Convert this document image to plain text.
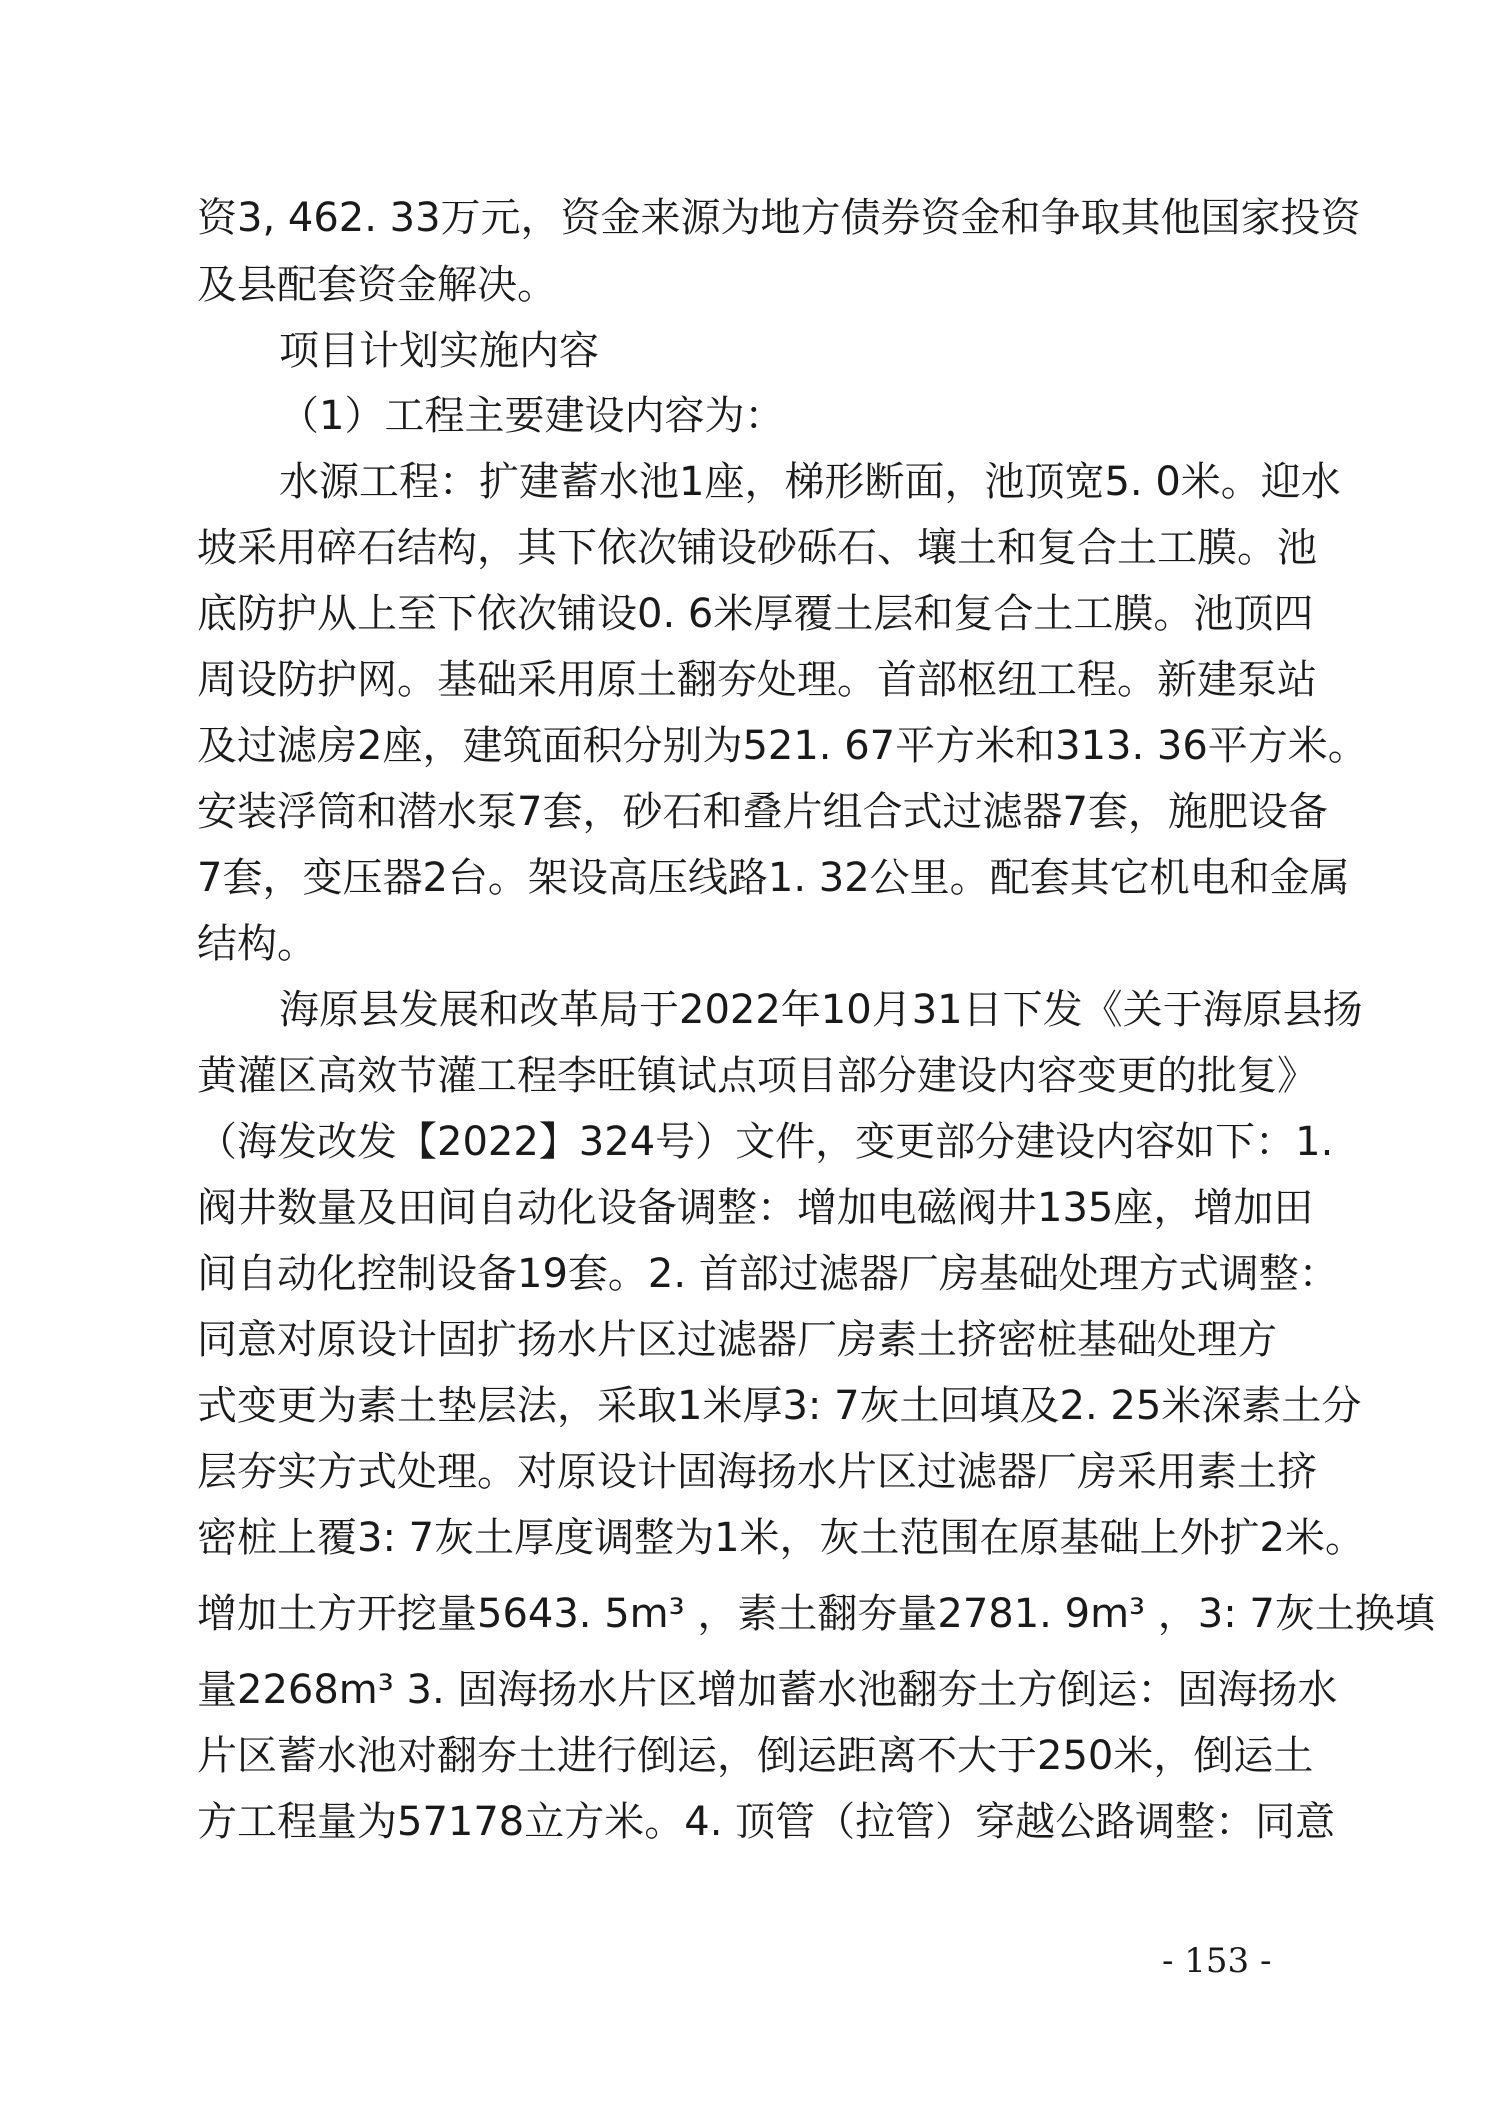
资3, 462. 33万元，资金来源为地方债券资金和争取其他国家投资
及县配套资金解决。
项目计划实施内容
（1）工程主要建设内容为：
水源工程：扩建蓄水池1座，梯形断面，池顶宽5. 0米。迎水
坡采用碎石结构，其下依次铺设砂砾石、壤土和复合土工膜。池
底防护从上至下依次铺设0. 6米厚覆土层和复合土工膜。池顶四
周设防护网。基础采用原土翻夯处理。首部枢纽工程。新建泵站
及过滤房2座，建筑面积分别为521. 67平方米和313. 36平方米。
安装浮筒和潜水泵7套，砂石和叠片组合式过滤器7套，施肥设备
7套，变压器2台。架设高压线路1. 32公里。配套其它机电和金属
结构。
海原县发展和改革局于2022年10月31日下发《关于海原县扬
黄灌区高效节灌工程李旺镇试点项目部分建设内容变更的批复》
（海发改发【2022】324号）文件，变更部分建设内容如下：1.
阀井数量及田间自动化设备调整：增加电磁阀井135座，增加田
间自动化控制设备19套。2. 首部过滤器厂房基础处理方式调整：
同意对原设计固扩扬水片区过滤器厂房素土挤密桩基础处理方
式变更为素土垫层法，采取1米厚3: 7灰土回填及2. 25米深素土分
层夯实方式处理。对原设计固海扬水片区过滤器厂房采用素土挤
密桩上覆3: 7灰土厚度调整为1米，灰土范围在原基础上外扩2米。
增加土方开挖量5643. 5m³ ，素土翻夯量2781. 9m³ ，3: 7灰土换填
量2268m³ 3. 固海扬水片区增加蓄水池翻夯土方倒运：固海扬水
片区蓄水池对翻夯土进行倒运，倒运距离不大于250米，倒运土
方工程量为57178立方米。4. 顶管（拉管）穿越公路调整：同意
- 153 -
